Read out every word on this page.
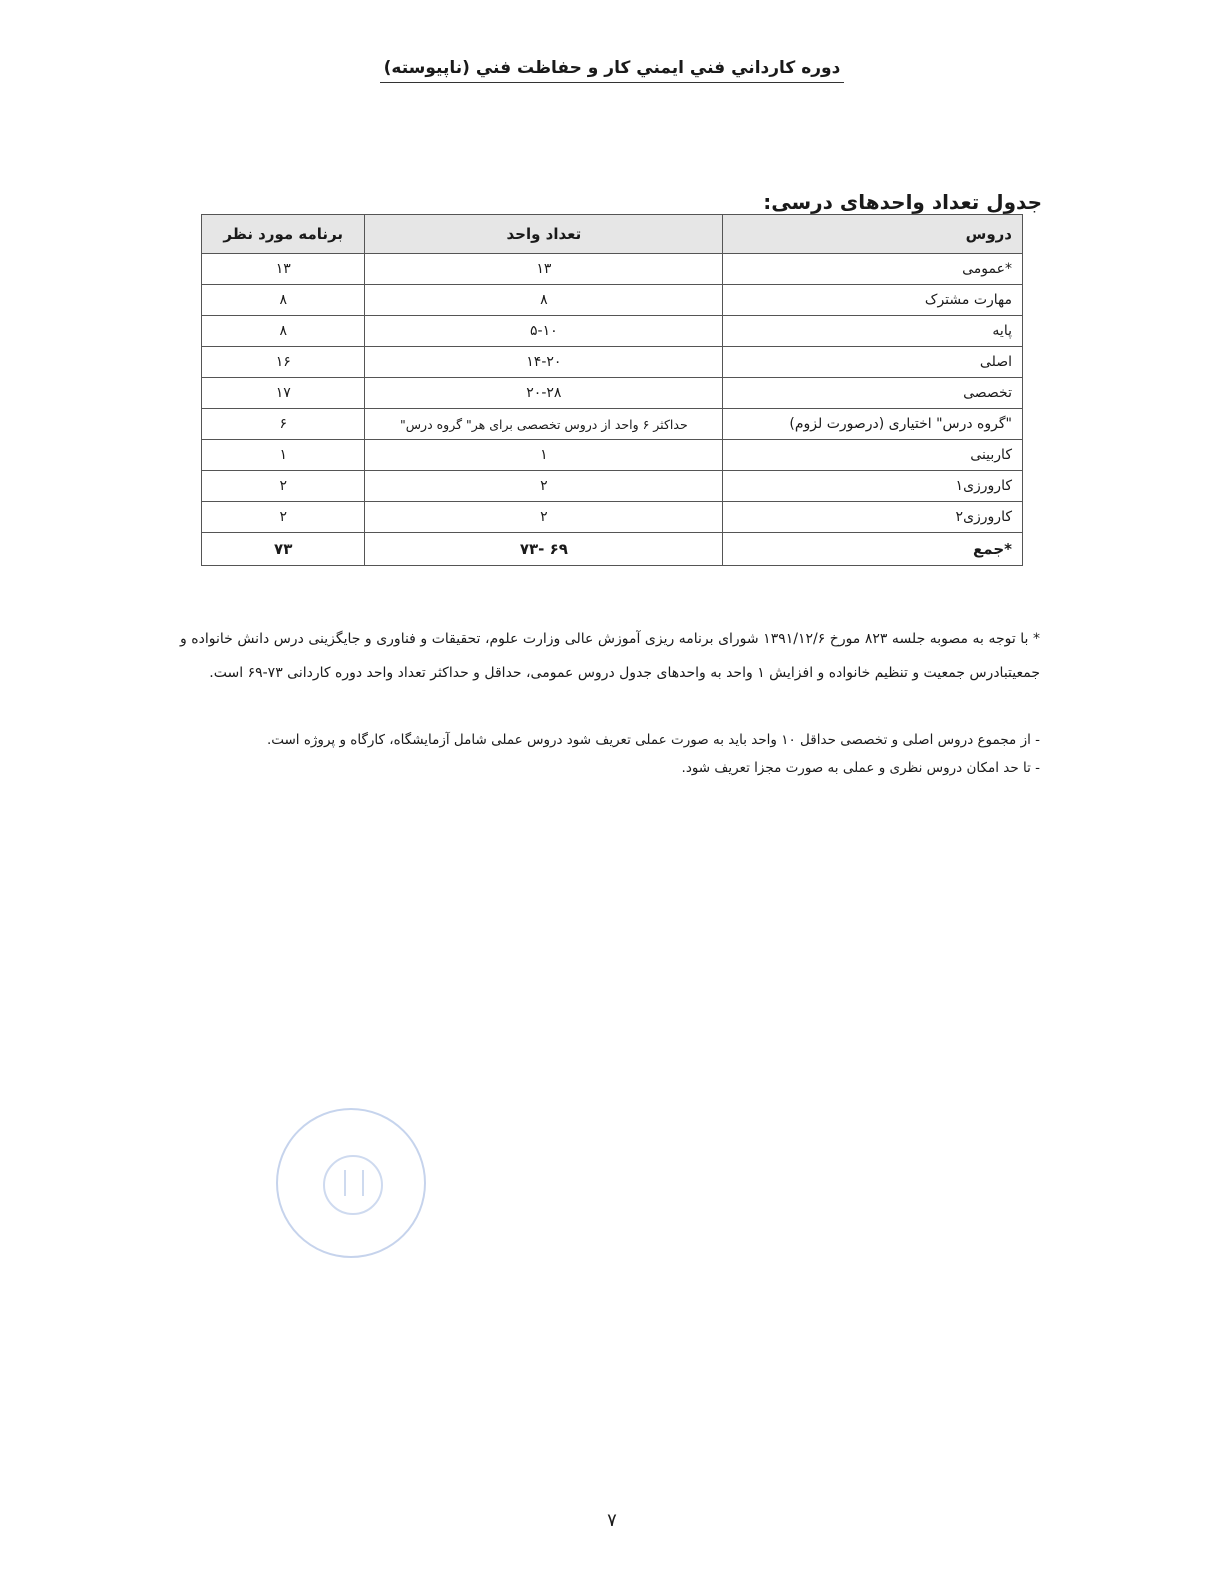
دوره کارداني فني ايمني کار و حفاظت فني (ناپيوسته)
جدول تعداد واحدهای درسی:
دروس	تعداد واحد	برنامه مورد نظر
*عمومی	۱۳	۱۳
مهارت مشترک	۸	۸
پایه	۵-۱۰	۸
اصلی	۱۴-۲۰	۱۶
تخصصی	۲۰-۲۸	۱۷
"گروه درس" اختیاری (درصورت لزوم)	حداکثر ۶ واحد از دروس تخصصی برای هر" گروه درس"	۶
کاربینی	۱	۱
کارورزی۱	۲	۲
کارورزی۲	۲	۲
*جمع	۶۹ -۷۳	۷۳

* با توجه به مصوبه جلسه ۸۲۳ مورخ ۱۳۹۱/۱۲/۶ شورای برنامه ریزی آموزش عالی وزارت علوم، تحقیقات و فناوری و جایگزینی درس دانش خانواده و جمعیتبادرس جمعیت و تنظیم خانواده و افزایش ۱ واحد به واحدهای جدول دروس عمومی، حداقل و حداکثر تعداد واحد دوره کاردانی ۷۳-۶۹ است.

- از مجموع دروس اصلی و تخصصی حداقل ۱۰ واحد باید به صورت عملی تعریف شود دروس عملی شامل آزمایشگاه، کارگاه و پروژه است.
- تا حد امکان دروس نظری و عملی به صورت مجزا تعریف شود.
۷
